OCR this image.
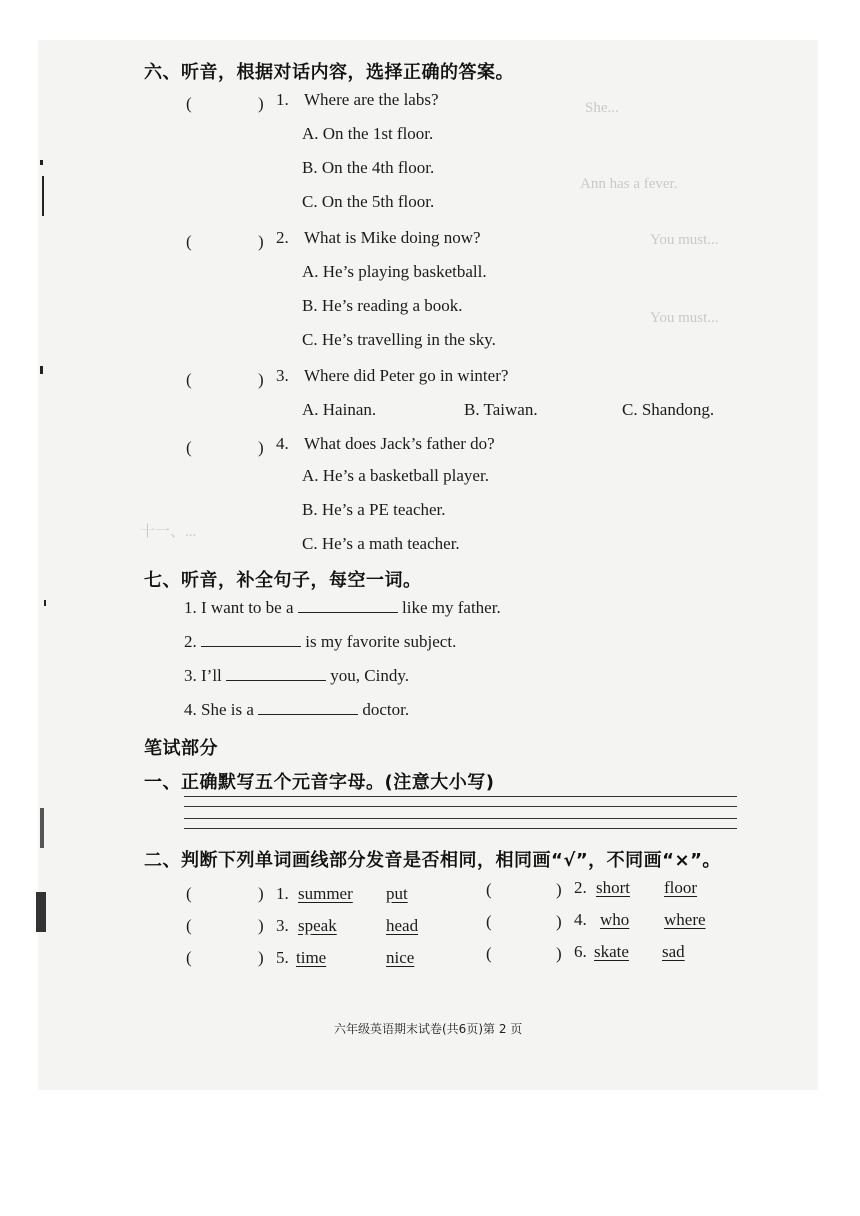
She...
Ann has a fever.
You must...
You must...
十一、...
六、听音，根据对话内容，选择正确的答案。
(	) 1. Where are the labs?
A. On the 1st floor.
B. On the 4th floor.
C. On the 5th floor.
(	) 2. What is Mike doing now?
A. He’s playing basketball.
B. He’s reading a book.
C. He’s travelling in the sky.
(	) 3. Where did Peter go in winter?
A. Hainan.	B. Taiwan.	C. Shandong.
(	) 4. What does Jack’s father do?
A. He’s a basketball player.
B. He’s a PE teacher.
C. He’s a math teacher.
七、听音，补全句子，每空一词。
1. I want to be a	like my father.
2.	is my favorite subject.
3. I’ll	you, Cindy.
4. She is a	doctor.
笔试部分
一、正确默写五个元音字母。(注意大小写)
二、判断下列单词画线部分发音是否相同，相同画“√”，不同画“×”。
(	) 1. summer put	(	) 2. short floor
(	) 3. speak	head	(	) 4. who where
(	) 5. time	nice	(	) 6. skate sad
六年级英语期末试卷(共6页)第 2 页
